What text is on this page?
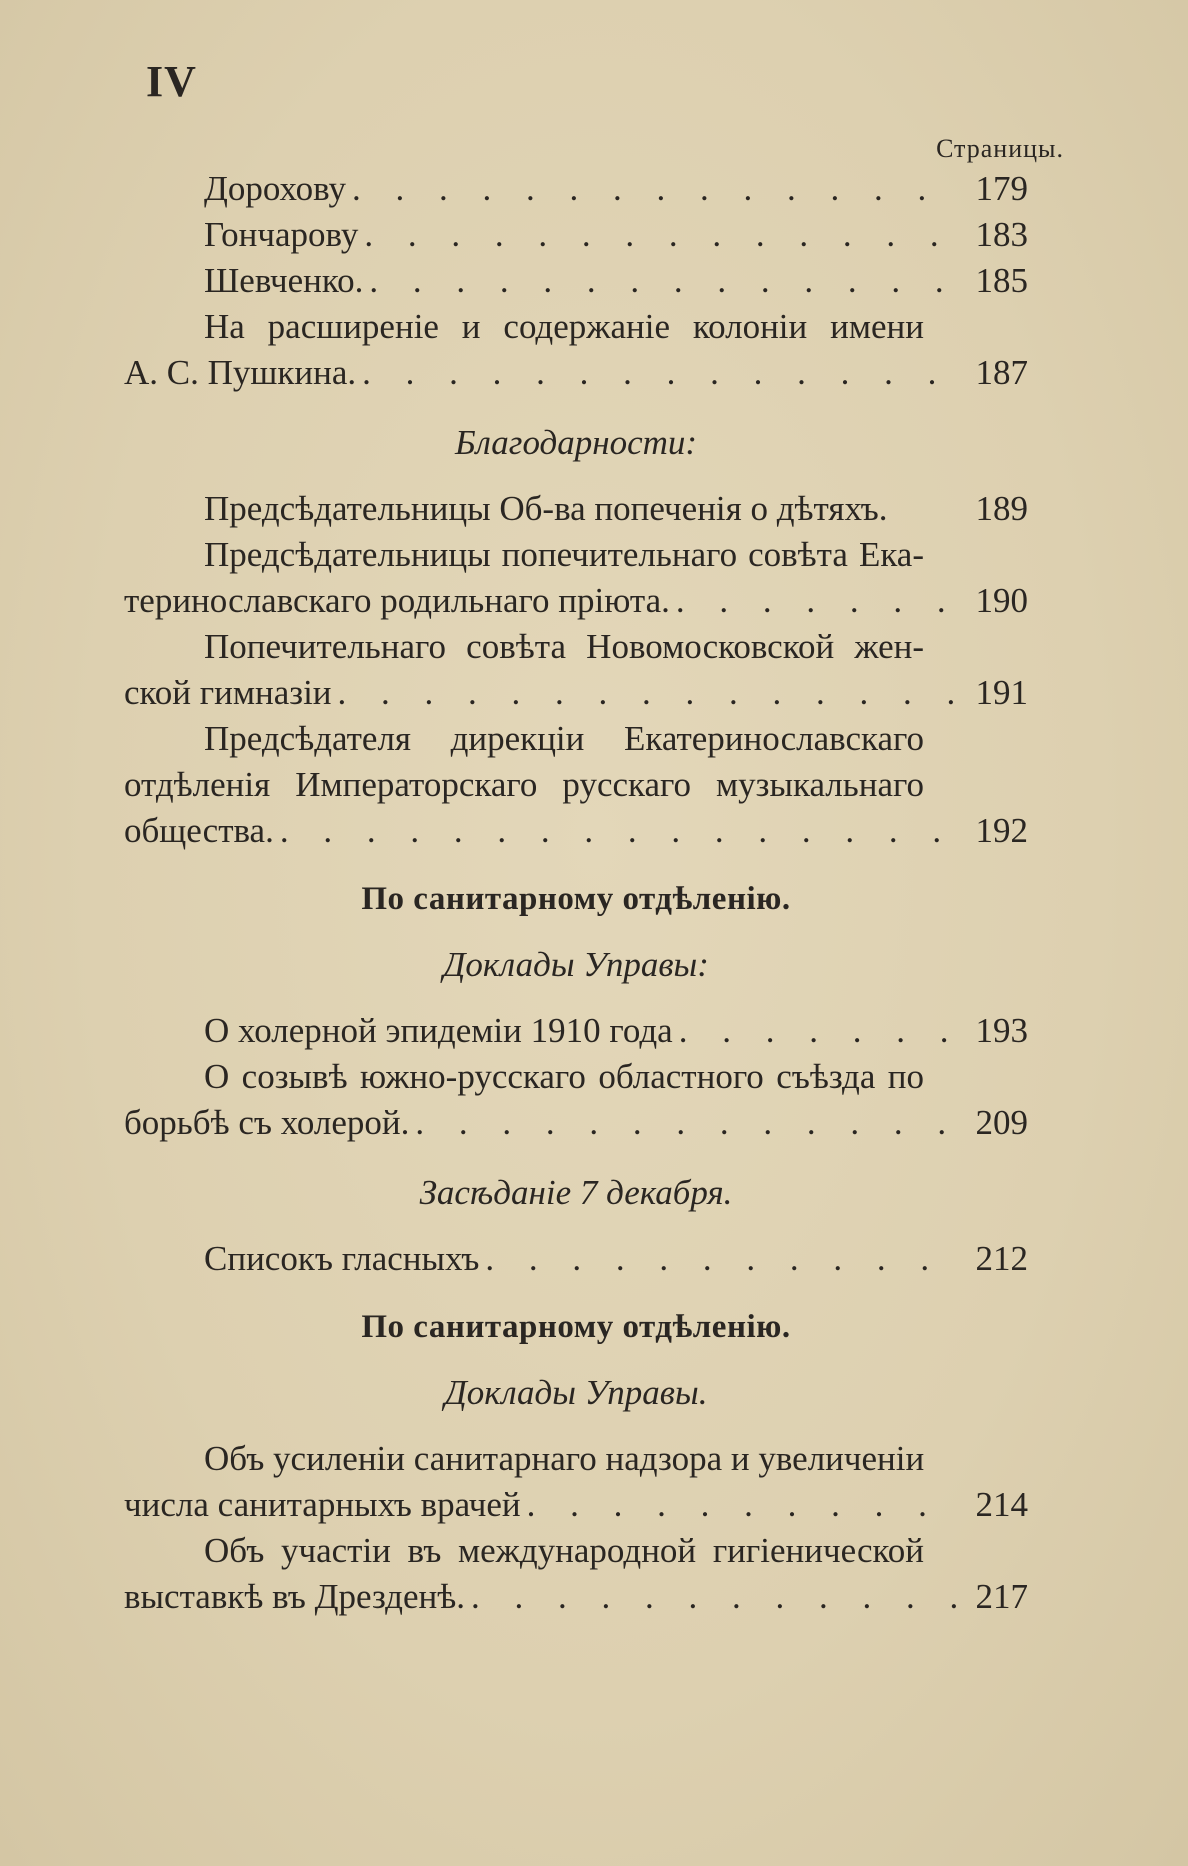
IV
Страницы.
Дорохову . . .	179
Гончарову . . .	183
Шевченко. . . .	185
На расширеніе и содержаніе колоніи имени
А. С. Пушкина. . . .	187
Благодарности:
Предсѣдательницы Об-ва попеченія о дѣтяхъ.	189
Предсѣдательницы попечительнаго совѣта Ека-
теринославскаго родильнаго пріюта. . . .	190
Попечительнаго совѣта Новомосковской жен-
ской гимназіи . . .	191
Предсѣдателя дирекціи Екатеринославскаго
отдѣленія Императорскаго русскаго музыкальнаго
общества. . . .	192
По санитарному отдѣленію.
Доклады Управы:
О холерной эпидеміи 1910 года . . .	193
О созывѣ южно-русскаго областного съѣзда по
борьбѣ съ холерой. . . .	209
Засѣданіе 7 декабря.
Списокъ гласныхъ . . .	212
По санитарному отдѣленію.
Доклады Управы.
Объ усиленіи санитарнаго надзора и увеличеніи
числа санитарныхъ врачей . . .	214
Объ участіи въ международной гигіенической
выставкѣ въ Дрезденѣ. . . .	217
